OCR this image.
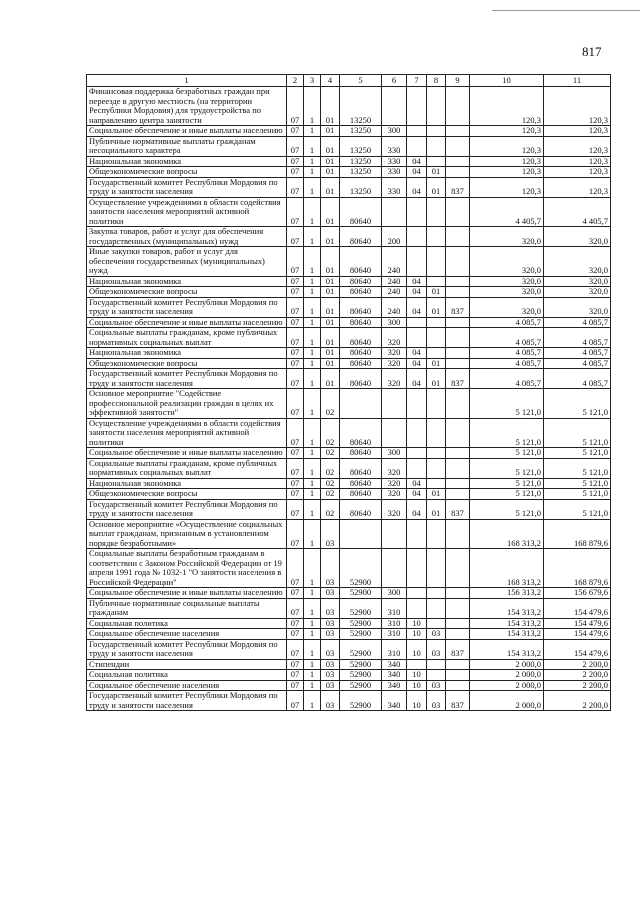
817
1	2	3	4	5	6	7	8	9	10	11
Финансовая поддержка безработных граждан при переезде в другую местность (на территории Республики Мордовия) для трудоустройства по направлению центра занятости	07	1	01	13250					120,3	120,3
Социальное обеспечение и иные выплаты населению	07	1	01	13250	300				120,3	120,3
Публичные нормативные выплаты гражданам несоциального характера	07	1	01	13250	330				120,3	120,3
Национальная экономика	07	1	01	13250	330	04			120,3	120,3
Общеэкономические вопросы	07	1	01	13250	330	04	01		120,3	120,3
Государственный комитет Республики Мордовия по труду и занятости населения	07	1	01	13250	330	04	01	837	120,3	120,3
Осуществление учреждениями в области содействия занятости населения мероприятий активной политики	07	1	01	80640					4 405,7	4 405,7
Закупка товаров, работ и услуг для обеспечения государственных (муниципальных) нужд	07	1	01	80640	200				320,0	320,0
Иные закупки товаров, работ и услуг для обеспечения государственных (муниципальных) нужд	07	1	01	80640	240				320,0	320,0
Национальная экономика	07	1	01	80640	240	04			320,0	320,0
Общеэкономические вопросы	07	1	01	80640	240	04	01		320,0	320,0
Государственный комитет Республики Мордовия по труду и занятости населения	07	1	01	80640	240	04	01	837	320,0	320,0
Социальное обеспечение и иные выплаты населению	07	1	01	80640	300				4 085,7	4 085,7
Социальные выплаты гражданам, кроме публичных нормативных социальных выплат	07	1	01	80640	320				4 085,7	4 085,7
Национальная экономика	07	1	01	80640	320	04			4 085,7	4 085,7
Общеэкономические вопросы	07	1	01	80640	320	04	01		4 085,7	4 085,7
Государственный комитет Республики Мордовия по труду и занятости населения	07	1	01	80640	320	04	01	837	4 085,7	4 085,7
Основное мероприятие "Содействие профессиональной реализации граждан в целях их эффективной занятости"	07	1	02						5 121,0	5 121,0
Осуществление учреждениями в области содействия занятости населения мероприятий активной политики	07	1	02	80640					5 121,0	5 121,0
Социальное обеспечение и иные выплаты населению	07	1	02	80640	300				5 121,0	5 121,0
Социальные выплаты гражданам, кроме публичных нормативных социальных выплат	07	1	02	80640	320				5 121,0	5 121,0
Национальная экономика	07	1	02	80640	320	04			5 121,0	5 121,0
Общеэкономические вопросы	07	1	02	80640	320	04	01		5 121,0	5 121,0
Государственный комитет Республики Мордовия по труду и занятости населения	07	1	02	80640	320	04	01	837	5 121,0	5 121,0
Основное мероприятие «Осуществление социальных выплат гражданам, признанным в установленном порядке безработными»	07	1	03						168 313,2	168 879,6
Социальные выплаты безработным гражданам в соответствии с Законом Российской Федерации от 19 апреля 1991 года № 1032-1 "О занятости населения в Российской Федерации"	07	1	03	52900					168 313,2	168 879,6
Социальное обеспечение и иные выплаты населению	07	1	03	52900	300				156 313,2	156 679,6
Публичные нормативные социальные выплаты гражданам	07	1	03	52900	310				154 313,2	154 479,6
Социальная политика	07	1	03	52900	310	10			154 313,2	154 479,6
Социальное обеспечение населения	07	1	03	52900	310	10	03		154 313,2	154 479,6
Государственный комитет Республики Мордовия по труду и занятости населения	07	1	03	52900	310	10	03	837	154 313,2	154 479,6
Стипендии	07	1	03	52900	340				2 000,0	2 200,0
Социальная политика	07	1	03	52900	340	10			2 000,0	2 200,0
Социальное обеспечение населения	07	1	03	52900	340	10	03		2 000,0	2 200,0
Государственный комитет Республики Мордовия по труду и занятости населения	07	1	03	52900	340	10	03	837	2 000,0	2 200,0
